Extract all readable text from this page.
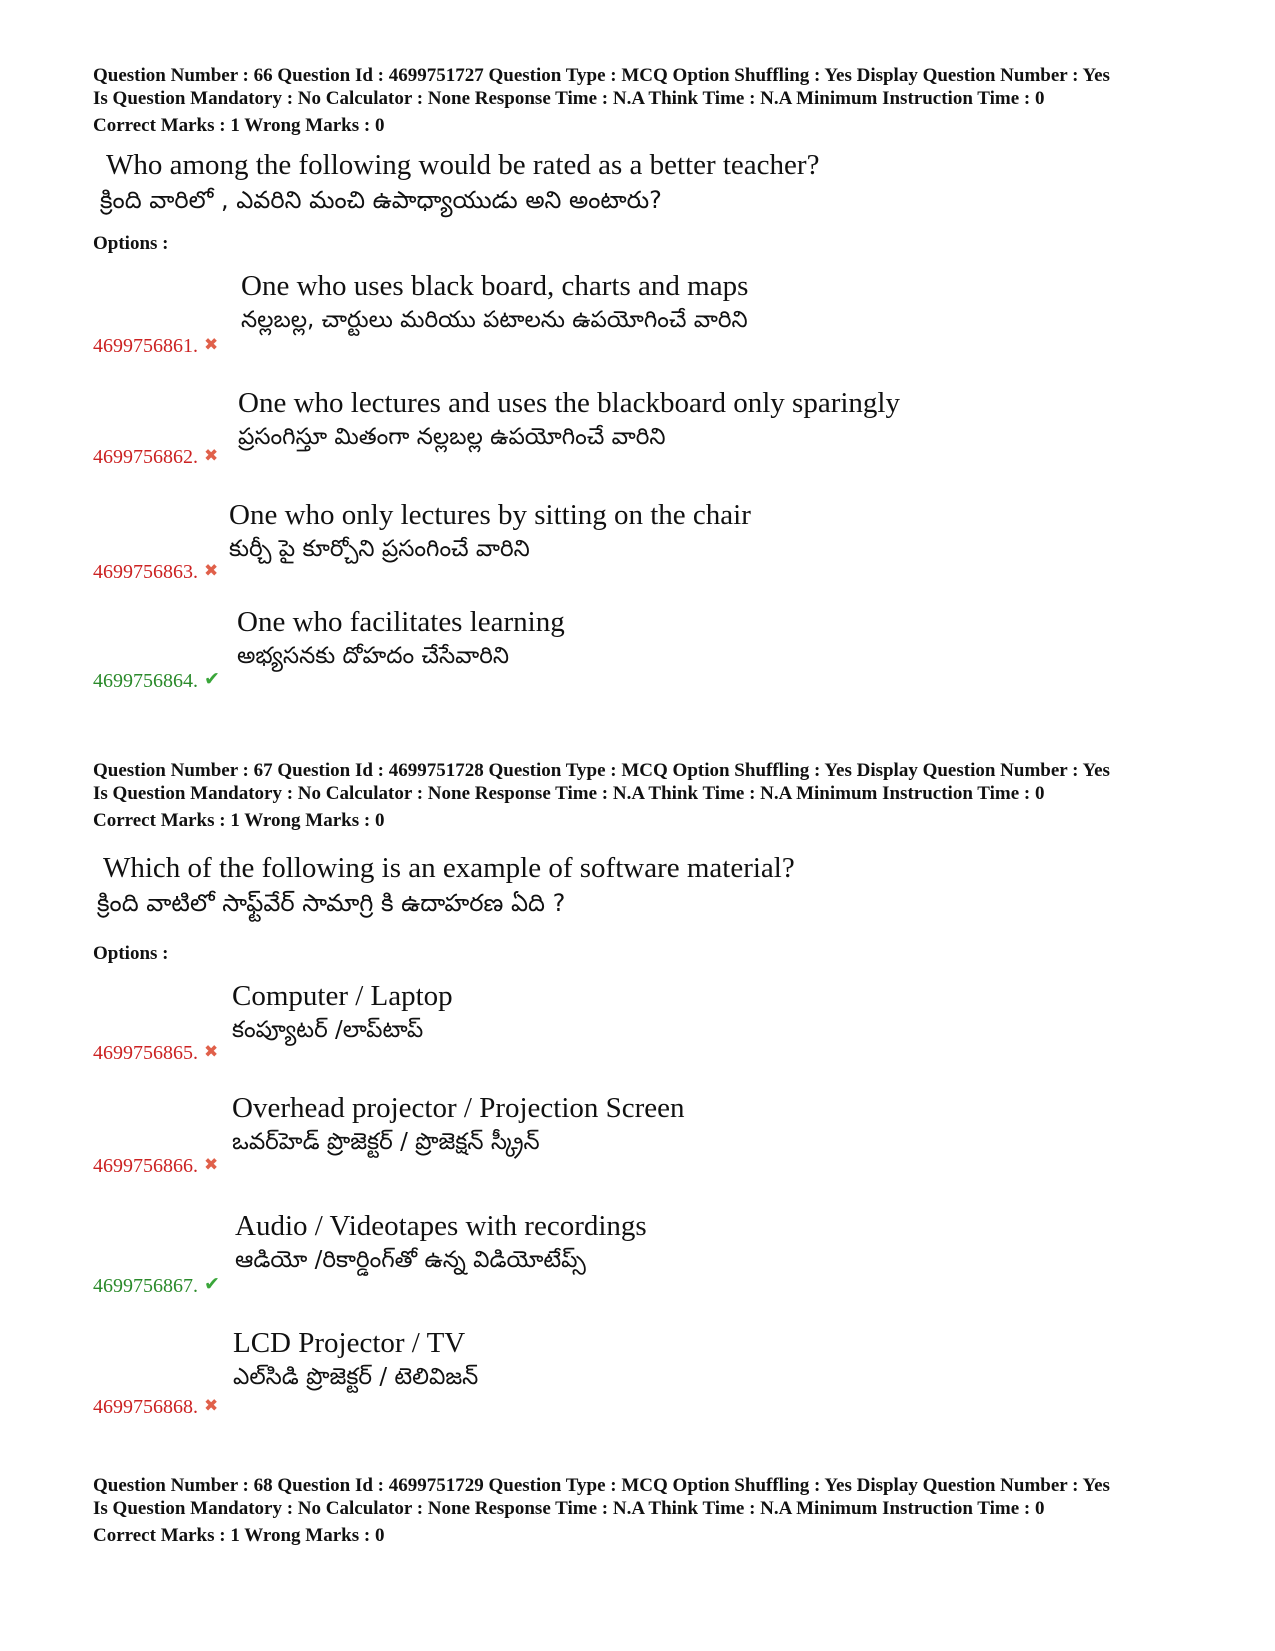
Question Number : 66 Question Id : 4699751727 Question Type : MCQ Option Shuffling : Yes Display Question Number : Yes
Is Question Mandatory : No Calculator : None Response Time : N.A Think Time : N.A Minimum Instruction Time : 0
Correct Marks : 1 Wrong Marks : 0
Who among the following would be rated as a better teacher?
క్రింది వారిలో , ఎవరిని మంచి ఉపాధ్యాయుడు అని అంటారు?
Options :
One who uses black board, charts and maps
నల్లబల్ల, చార్టులు మరియు పటాలను ఉపయోగించే వారిని
4699756861. ✖
One who lectures and uses the blackboard only sparingly
ప్రసంగిస్తూ మితంగా నల్లబల్ల ఉపయోగించే వారిని
4699756862. ✖
One who only lectures by sitting on the chair
కుర్చీ పై కూర్చోని ప్రసంగించే వారిని
4699756863. ✖
One who facilitates learning
అభ్యసనకు దోహదం చేసేవారిని
4699756864. ✔
Question Number : 67 Question Id : 4699751728 Question Type : MCQ Option Shuffling : Yes Display Question Number : Yes
Is Question Mandatory : No Calculator : None Response Time : N.A Think Time : N.A Minimum Instruction Time : 0
Correct Marks : 1 Wrong Marks : 0
Which of the following is an example of software material?
క్రింది వాటిలో సాఫ్ట్‌వేర్ సామాగ్రి కి ఉదాహరణ ఏది ?
Options :
Computer / Laptop
కంప్యూటర్ /లాప్‌టాప్
4699756865. ✖
Overhead projector / Projection Screen
ఒవర్‌హెడ్ ప్రొజెక్టర్ / ప్రొజెక్షన్ స్క్రీన్
4699756866. ✖
Audio / Videotapes with recordings
ఆడియో /రికార్డింగ్‌తో ఉన్న విడియోటేప్స్
4699756867. ✔
LCD Projector / TV
ఎల్‌సిడి ప్రొజెక్టర్ / టెలివిజన్
4699756868. ✖
Question Number : 68 Question Id : 4699751729 Question Type : MCQ Option Shuffling : Yes Display Question Number : Yes
Is Question Mandatory : No Calculator : None Response Time : N.A Think Time : N.A Minimum Instruction Time : 0
Correct Marks : 1 Wrong Marks : 0
